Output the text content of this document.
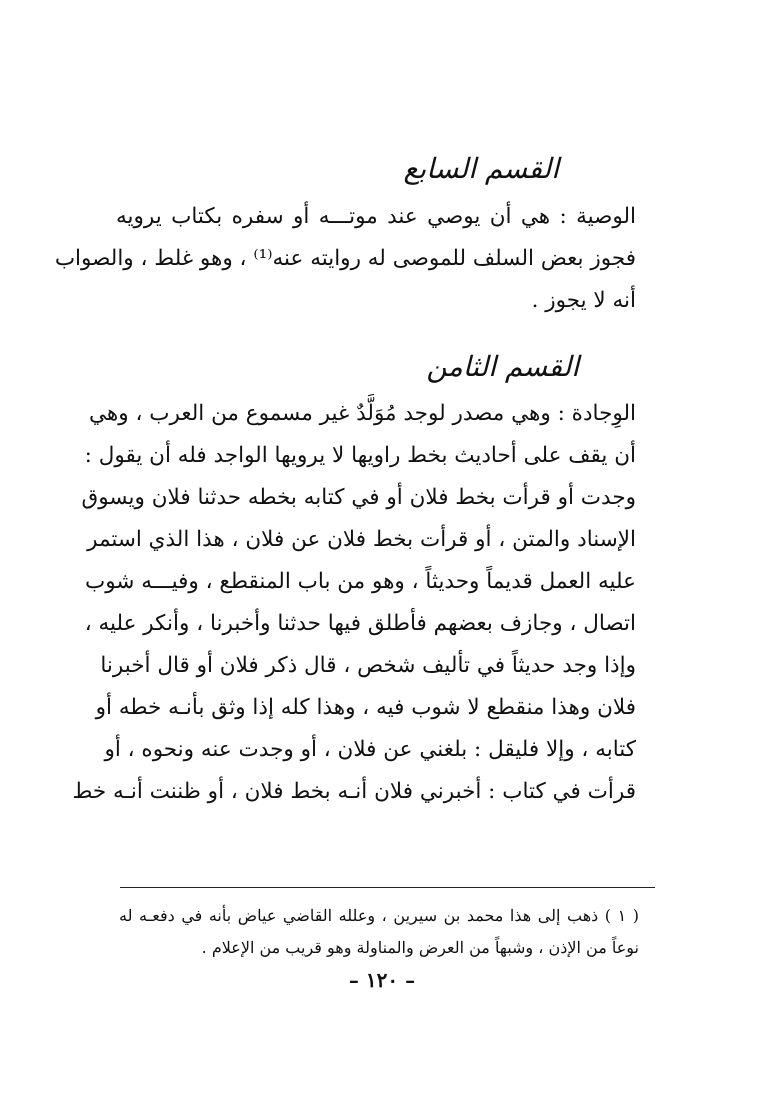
القسم السابع
الوصية : هي أن يوصي عند موتـــه أو سفره بكتاب يرويه
فجوز بعض السلف للموصى له روايته عنه⁽¹⁾ ، وهو غلط ، والصواب
أنه لا يجوز .
القسم الثامن
الوِجادة : وهي مصدر لوجد مُوَلَّدٌ غير مسموع من العرب ، وهي
أن يقف على أحاديث بخط راويها لا يرويها الواجد فله أن يقول :
وجدت أو قرأت بخط فلان أو في كتابه بخطه حدثنا فلان ويسوق
الإسناد والمتن ، أو قرأت بخط فلان عن فلان ، هذا الذي استمر
عليه العمل قديماً وحديثاً ، وهو من باب المنقطع ، وفيـــه شوب
اتصال ، وجازف بعضهم فأطلق فيها حدثنا وأخبرنا ، وأنكر عليه ،
وإذا وجد حديثاً في تأليف شخص ، قال ذكر فلان أو قال أخبرنا
فلان وهذا منقطع لا شوب فيه ، وهذا كله إذا وثق بأنـه خطه أو
كتابه ، وإلا فليقل : بلغني عن فلان ، أو وجدت عنه ونحوه ، أو
قرأت في كتاب : أخبرني فلان أنـه بخط فلان ، أو ظننت أنـه خط
( ١ ) ذهب إلى هذا محمد بن سيرين ، وعلله القاضي عياض بأنه في دفعـه له
نوعاً من الإذن ، وشبهاً من العرض والمناولة وهو قريب من الإعلام .
– ١٢٠ –
